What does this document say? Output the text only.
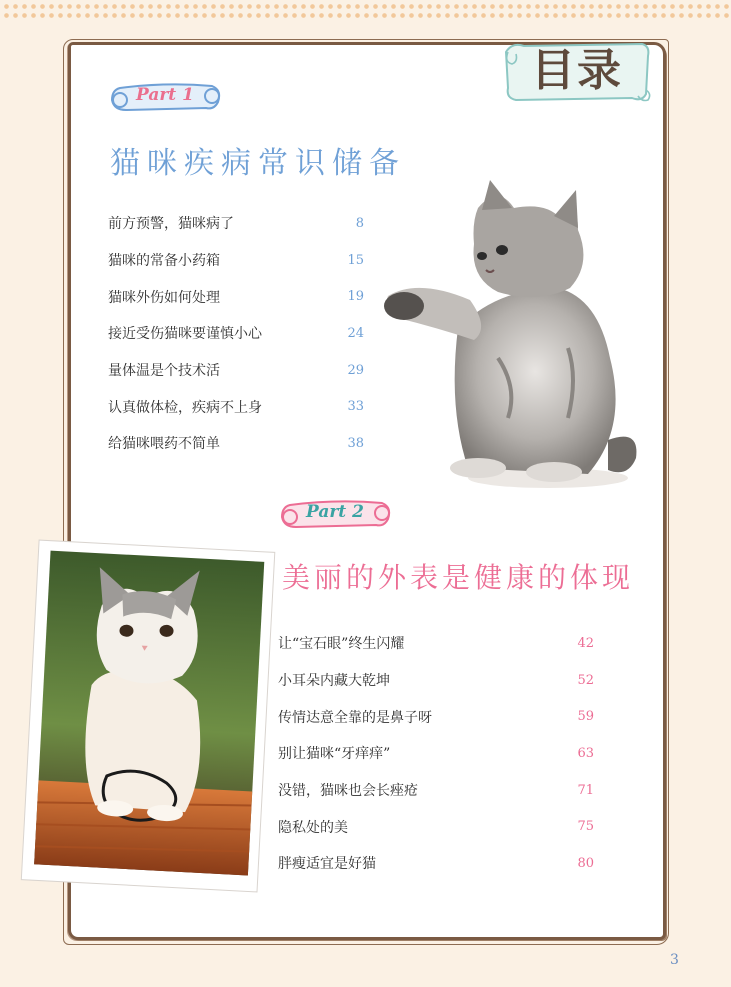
目录
Part 1
猫咪疾病常识储备
前方预警，猫咪病了	8
猫咪的常备小药箱	15
猫咪外伤如何处理	19
接近受伤猫咪要谨慎小心	24
量体温是个技术活	29
认真做体检，疾病不上身	33
给猫咪喂药不简单	38
Part 2
美丽的外表是健康的体现
让“宝石眼”终生闪耀	42
小耳朵内藏大乾坤	52
传情达意全靠的是鼻子呀	59
别让猫咪“牙痒痒”	63
没错，猫咪也会长痤疮	71
隐私处的美	75
胖瘦适宜是好猫	80
3
